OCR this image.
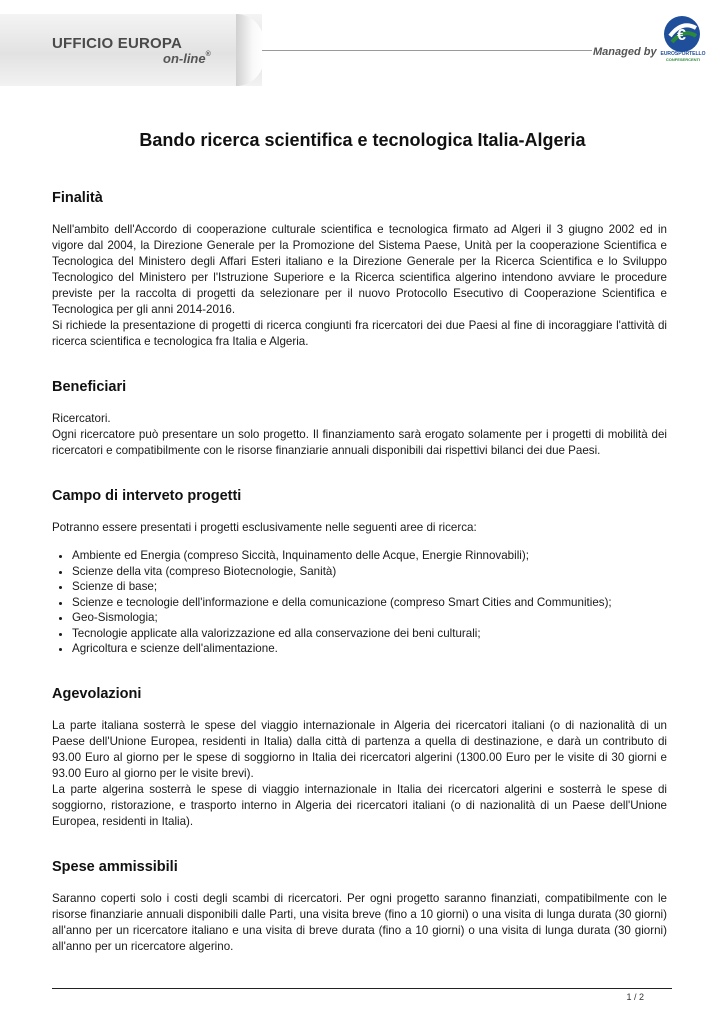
UFFICIO EUROPA
on-line®	Managed by
€
EUROSPORTELLO
CONFESERCENTI
Bando ricerca scientifica e tecnologica Italia-Algeria
Finalità

Nell'ambito dell'Accordo di cooperazione culturale scientifica e tecnologica firmato ad Algeri il 3 giugno 2002 ed in vigore dal 2004, la Direzione Generale per la Promozione del Sistema Paese, Unità per la cooperazione Scientifica e Tecnologica del Ministero degli Affari Esteri italiano e la Direzione Generale per la Ricerca Scientifica e lo Sviluppo Tecnologico del Ministero per l'Istruzione Superiore e la Ricerca scientifica algerino intendono avviare le procedure previste per la raccolta di progetti da selezionare per il nuovo Protocollo Esecutivo di Cooperazione Scientifica e Tecnologica per gli anni 2014-2016.

Si richiede la presentazione di progetti di ricerca congiunti fra ricercatori dei due Paesi al fine di incoraggiare l'attività di ricerca scientifica e tecnologica fra Italia e Algeria.

Beneficiari

Ricercatori.

Ogni ricercatore può presentare un solo progetto. Il finanziamento sarà erogato solamente per i progetti di mobilità dei ricercatori e compatibilmente con le risorse finanziarie annuali disponibili dai rispettivi bilanci dei due Paesi.

Campo di interveto progetti

Potranno essere presentati i progetti esclusivamente nelle seguenti aree di ricerca:

• Ambiente ed Energia (compreso Siccità, Inquinamento delle Acque, Energie Rinnovabili);
• Scienze della vita (compreso Biotecnologie, Sanità)
• Scienze di base;
• Scienze e tecnologie dell'informazione e della comunicazione (compreso Smart Cities and Communities);
• Geo-Sismologia;
• Tecnologie applicate alla valorizzazione ed alla conservazione dei beni culturali;
• Agricoltura e scienze dell'alimentazione.
Agevolazioni

La parte italiana sosterrà le spese del viaggio internazionale in Algeria dei ricercatori italiani (o di nazionalità di un Paese dell'Unione Europea, residenti in Italia) dalla città di partenza a quella di destinazione, e darà un contributo di 93.00 Euro al giorno per le spese di soggiorno in Italia dei ricercatori algerini (1300.00 Euro per le visite di 30 giorni e 93.00 Euro al giorno per le visite brevi).

La parte algerina sosterrà le spese di viaggio internazionale in Italia dei ricercatori algerini e sosterrà le spese di soggiorno, ristorazione, e trasporto interno in Algeria dei ricercatori italiani (o di nazionalità di un Paese dell'Unione Europea, residenti in Italia).

Spese ammissibili

Saranno coperti solo i costi degli scambi di ricercatori. Per ogni progetto saranno finanziati, compatibilmente con le risorse finanziarie annuali disponibili dalle Parti, una visita breve (fino a 10 giorni) o una visita di lunga durata (30 giorni) all'anno per un ricercatore italiano e una visita di breve durata (fino a 10 giorni) o una visita di lunga durata (30 giorni) all'anno per un ricercatore algerino.

1 / 2
